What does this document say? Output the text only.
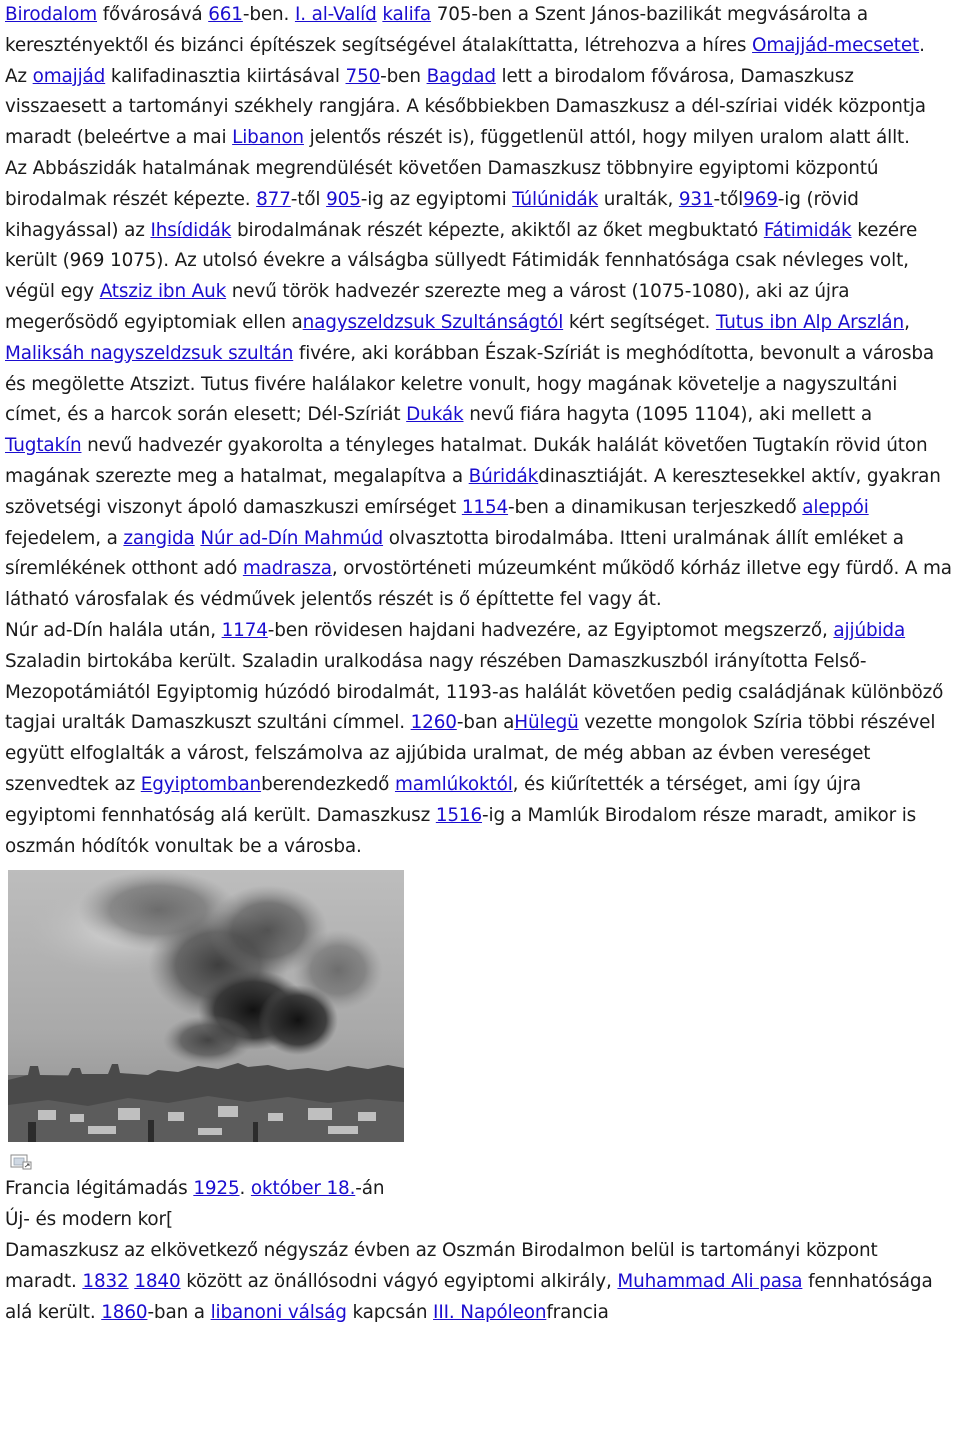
Birodalom fővárosává 661-ben. I. al-Valíd kalifa 705-ben a Szent János-bazilikát megvásárolta a keresztényektől és bizánci építészek segítségével átalakíttatta, létrehozva a híres Omajjád-mecsetet. Az omajjád kalifadinasztia kiirtásával 750-ben Bagdad lett a birodalom fővárosa, Damaszkusz visszaesett a tartományi székhely rangjára. A későbbiekben Damaszkusz a dél-szíriai vidék központja maradt (beleértve a mai Libanon jelentős részét is), függetlenül attól, hogy milyen uralom alatt állt.

Az Abbászidák hatalmának megrendülését követően Damaszkusz többnyire egyiptomi központú birodalmak részét képezte. 877-től 905-ig az egyiptomi Túlúnidák uralták, 931-től969-ig (rövid kihagyással) az Ihsídidák birodalmának részét képezte, akiktől az őket megbuktató Fátimidák kezére került (969 1075). Az utolsó évekre a válságba süllyedt Fátimidák fennhatósága csak névleges volt, végül egy Atsziz ibn Auk nevű török hadvezér szerezte meg a várost (1075-1080), aki az újra megerősödő egyiptomiak ellen anagyszeldzsuk Szultánságtól kért segítséget. Tutus ibn Alp Arszlán, Maliksáh nagyszeldzsuk szultán fivére, aki korábban Észak-Szíriát is meghódította, bevonult a városba és megölette Atszizt. Tutus fivére halálakor keletre vonult, hogy magának követelje a nagyszultáni címet, és a harcok során elesett; Dél-Szíriát Dukák nevű fiára hagyta (1095 1104), aki mellett a Tugtakín nevű hadvezér gyakorolta a tényleges hatalmat. Dukák halálát követően Tugtakín rövid úton magának szerezte meg a hatalmat, megalapítva a Búridákdinasztiáját. A keresztesekkel aktív, gyakran szövetségi viszonyt ápoló damaszkuszi emírséget 1154-ben a dinamikusan terjeszkedő aleppói fejedelem, a zangida Núr ad-Dín Mahmúd olvasztotta birodalmába. Itteni uralmának állít emléket a síremlékének otthont adó madrasza, orvostörténeti múzeumként működő kórház illetve egy fürdő. A ma látható városfalak és védművek jelentős részét is ő építtette fel vagy át.

Núr ad-Dín halála után, 1174-ben rövidesen hajdani hadvezére, az Egyiptomot megszerző, ajjúbida Szaladin birtokába került. Szaladin uralkodása nagy részében Damaszkuszból irányította Felső-Mezopotámiától Egyiptomig húzódó birodalmát, 1193-as halálát követően pedig családjának különböző tagjai uralták Damaszkuszt szultáni címmel. 1260-ban aHülegü vezette mongolok Szíria többi részével együtt elfoglalták a várost, felszámolva az ajjúbida uralmat, de még abban az évben vereséget szenvedtek az Egyiptombanberendezkedő mamlúkoktól, és kiűrítették a térséget, ami így újra egyiptomi fennhatóság alá került. Damaszkusz 1516-ig a Mamlúk Birodalom része maradt, amikor is oszmán hódítók vonultak be a városba.

Francia légitámadás 1925. október 18.-án

Új- és modern kor[

Damaszkusz az elkövetkező négyszáz évben az Oszmán Birodalmon belül is tartományi központ maradt. 1832 1840 között az önállósodni vágyó egyiptomi alkirály, Muhammad Ali pasa fennhatósága alá került. 1860-ban a libanoni válság kapcsán III. Napóleonfrancia
